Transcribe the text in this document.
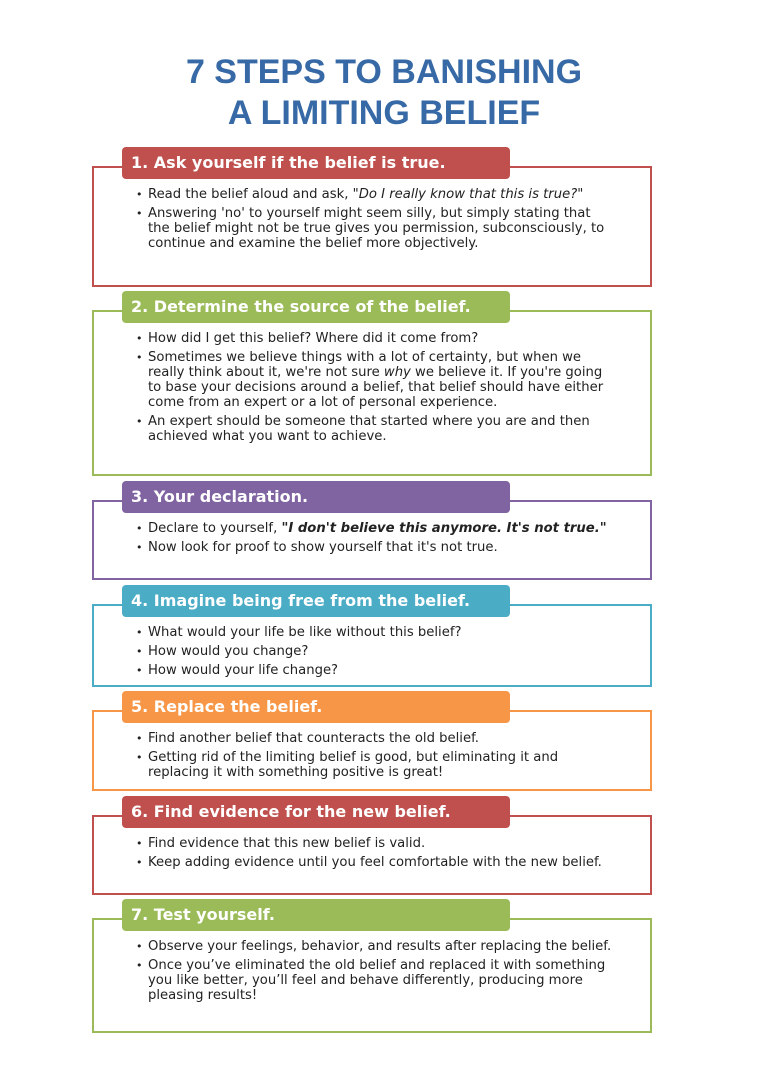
7 STEPS TO BANISHING
A LIMITING BELIEF
1. Ask yourself if the belief is true.
• Read the belief aloud and ask, "Do I really know that this is true?"
• Answering 'no' to yourself might seem silly, but simply stating that the belief might not be true gives you permission, subconsciously, to continue and examine the belief more objectively.
2. Determine the source of the belief.
• How did I get this belief? Where did it come from?
• Sometimes we believe things with a lot of certainty, but when we really think about it, we're not sure why we believe it. If you're going to base your decisions around a belief, that belief should have either come from an expert or a lot of personal experience.
• An expert should be someone that started where you are and then achieved what you want to achieve.
3. Your declaration.
• Declare to yourself, "I don't believe this anymore. It's not true."
• Now look for proof to show yourself that it's not true.
4. Imagine being free from the belief.
• What would your life be like without this belief?
• How would you change?
• How would your life change?
5. Replace the belief.
• Find another belief that counteracts the old belief.
• Getting rid of the limiting belief is good, but eliminating it and replacing it with something positive is great!
6. Find evidence for the new belief.
• Find evidence that this new belief is valid.
• Keep adding evidence until you feel comfortable with the new belief.
7. Test yourself.
• Observe your feelings, behavior, and results after replacing the belief.
• Once you’ve eliminated the old belief and replaced it with something you like better, you’ll feel and behave differently, producing more pleasing results!
